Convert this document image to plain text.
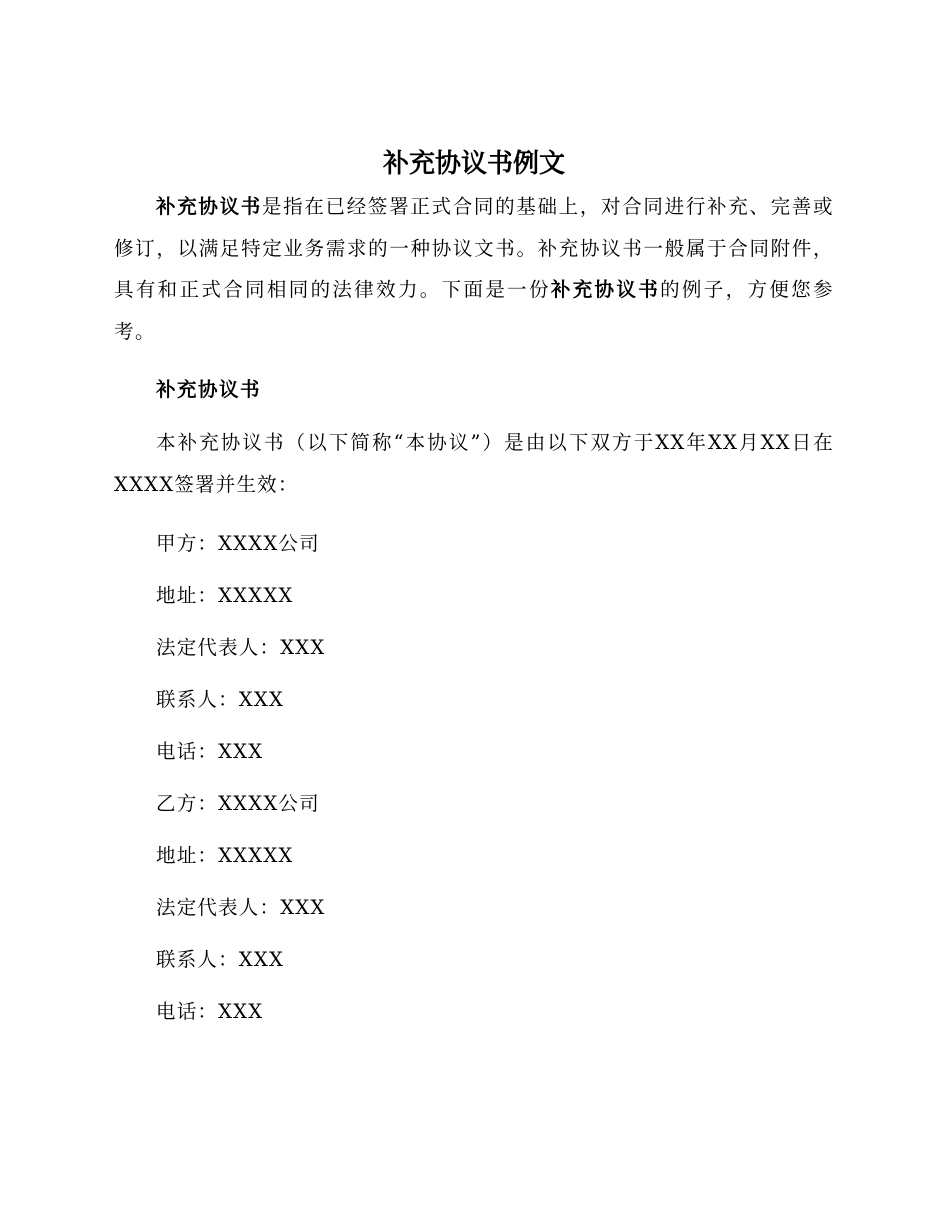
补充协议书例文

补充协议书是指在已经签署正式合同的基础上，对合同进行补充、完善或修订，以满足特定业务需求的一种协议文书。补充协议书一般属于合同附件，具有和正式合同相同的法律效力。下面是一份补充协议书的例子，方便您参考。

补充协议书

本补充协议书（以下简称“本协议”）是由以下双方于XX年XX月XX日在XXXX签署并生效：

甲方：XXXX公司

地址：XXXXX

法定代表人：XXX

联系人：XXX

电话：XXX

乙方：XXXX公司

地址：XXXXX

法定代表人：XXX

联系人：XXX

电话：XXX
